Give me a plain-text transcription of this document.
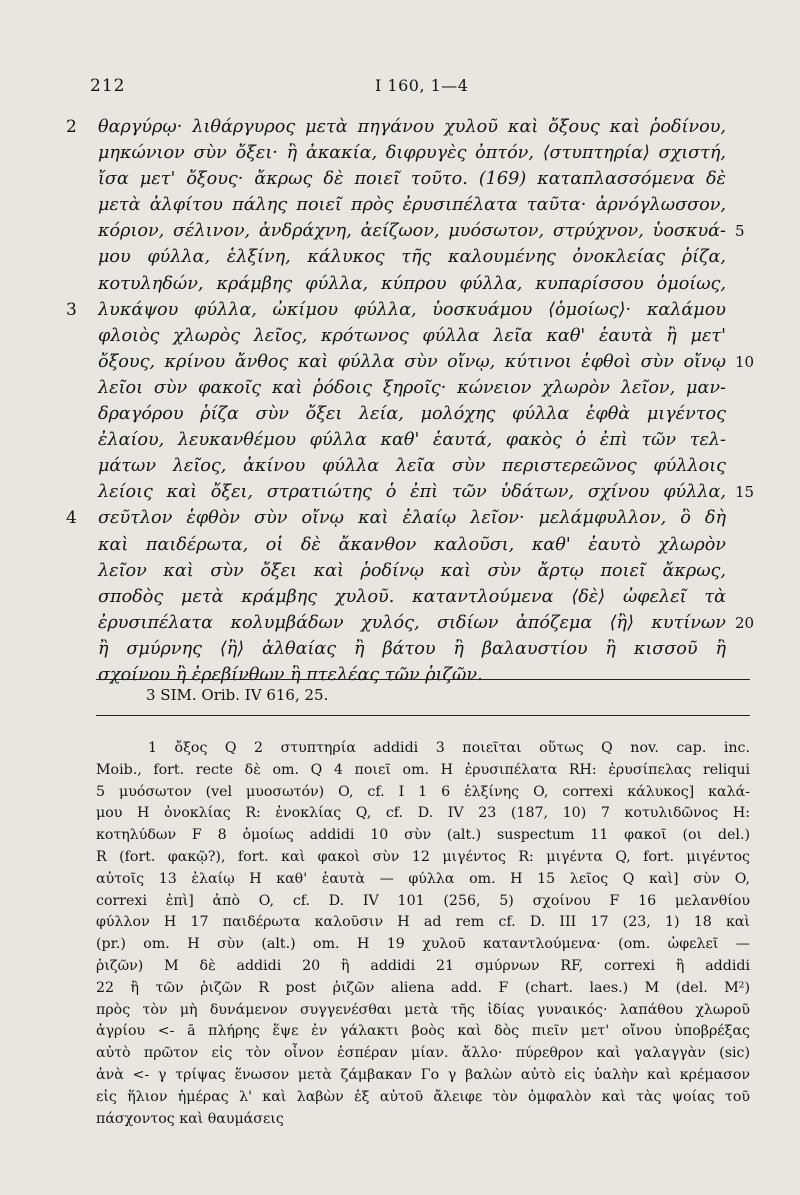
212	I 160, 1—4
2 θαργύρῳ· λιθάργυρος μετὰ πηγάνου χυλοῦ καὶ ὄξους καὶ ῥοδίνου,
μηκώνιον σὺν ὄξει· ἢ ἀκακία, διφρυγὲς ὀπτόν, ⟨στυπτηρία⟩ σχιστή,
ἴσα μετ' ὄξους· ἄκρως δὲ ποιεῖ τοῦτο. (169) καταπλασσόμενα δὲ
μετὰ ἀλφίτου πάλης ποιεῖ πρὸς ἐρυσιπέλατα ταῦτα· ἀρνόγλωσσον,
κόριον, σέλινον, ἀνδράχνη, ἀείζωον, μυόσωτον, στρύχνον, ὑοσκυά- 5
μου φύλλα, ἑλξίνη, κάλυκος τῆς καλουμένης ὀνοκλείας ῥίζα,
κοτυληδών, κράμβης φύλλα, κύπρου φύλλα, κυπαρίσσου ὁμοίως,
3 λυκάψου φύλλα, ὠκίμου φύλλα, ὑοσκυάμου ⟨ὁμοίως⟩· καλάμου
φλοιὸς χλωρὸς λεῖος, κρότωνος φύλλα λεῖα καθ' ἑαυτὰ ἢ μετ'
ὄξους, κρίνου ἄνθος καὶ φύλλα σὺν οἴνῳ, κύτινοι ἑφθοὶ σὺν οἴνῳ 10
λεῖοι σὺν φακοῖς καὶ ῥόδοις ξηροῖς· κώνειον χλωρὸν λεῖον, μαν-
δραγόρου ῥίζα σὺν ὄξει λεία, μολόχης φύλλα ἑφθὰ μιγέντος
ἐλαίου, λευκανθέμου φύλλα καθ' ἑαυτά, φακὸς ὁ ἐπὶ τῶν τελ-
μάτων λεῖος, ἀκίνου φύλλα λεῖα σὺν περιστερεῶνος φύλλοις
λείοις καὶ ὄξει, στρατιώτης ὁ ἐπὶ τῶν ὑδάτων, σχίνου φύλλα, 15
4 σεῦτλον ἑφθὸν σὺν οἴνῳ καὶ ἐλαίῳ λεῖον· μελάμφυλλον, ὃ δὴ
καὶ παιδέρωτα, οἱ δὲ ἄκανθον καλοῦσι, καθ' ἑαυτὸ χλωρὸν
λεῖον καὶ σὺν ὄξει καὶ ῥοδίνῳ καὶ σὺν ἄρτῳ ποιεῖ ἄκρως,
σποδὸς μετὰ κράμβης χυλοῦ. καταντλούμενα ⟨δὲ⟩ ὠφελεῖ τὰ
ἐρυσιπέλατα κολυμβάδων χυλός, σιδίων ἀπόζεμα ⟨ἢ⟩ κυτίνων 20
ἢ σμύρνης ⟨ἢ⟩ ἀλθαίας ἢ βάτου ἢ βαλαυστίου ἢ κισσοῦ ἢ
σχοίνου ἢ ἐρεβίνθων ἢ πτελέας τῶν ῥιζῶν.
3 SIM. Orib. IV 616, 25.
1 ὄξος Q 2 στυπτηρία addidi 3 ποιεῖται οὕτως Q nov. cap. inc.
Moib., fort. recte δὲ om. Q 4 ποιεῖ om. H ἐρυσιπέλατα RH: ἐρυσίπελας reliqui
5 μυόσωτον (vel μυοσωτόν) O, cf. I 1 6 ἑλξίνης O, correxi κάλυκος] καλά-
μου H ὀνοκλίας R: ἐνοκλίας Q, cf. D. IV 23 (187, 10) 7 κοτυλιδῶνος H:
κοτηλύδων F 8 ὁμοίως addidi 10 σὺν (alt.) suspectum 11 φακοῖ (οι del.)
R (fort. φακῷ?), fort. καὶ φακοὶ σὺν 12 μιγέντος R: μιγέντα Q, fort. μιγέντος
αὐτοῖς 13 ἐλαίῳ H καθ' ἑαυτὰ — φύλλα om. H 15 λεῖος Q καὶ] σὺν O,
correxi ἐπὶ] ἀπὸ O, cf. D. IV 101 (256, 5) σχοίνου F 16 μελανθίου
φύλλον H 17 παιδέρωτα καλοῦσιν H ad rem cf. D. III 17 (23, 1) 18 καὶ
(pr.) om. H σὺν (alt.) om. H 19 χυλοῦ καταντλούμενα· (om. ὠφελεῖ —
ῥιζῶν) M δὲ addidi 20 ἢ addidi 21 σμύρνων RF, correxi ἢ addidi
22 ἢ τῶν ῥιζῶν R post ῥιζῶν aliena add. F (chart. laes.) M (del. M²)
πρὸς τὸν μὴ δυνάμενον συγγενέσθαι μετὰ τῆς ἰδίας γυναικός· λαπάθου χλωροῦ
ἀγρίου <- ā πλήρης ἕψε ἐν γάλακτι βοὸς καὶ δὸς πιεῖν μετ' οἴνου ὑποβρέξας
αὐτὸ πρῶτον εἰς τὸν οἶνον ἑσπέραν μίαν. ἄλλο· πύρεθρον καὶ γαλαγγὰν (sic)
ἀνὰ <- γ τρίψας ἕνωσον μετὰ ζάμβακαν Γο γ βαλὼν αὐτὸ εἰς ὑαλὴν καὶ κρέμασον
εἰς ἥλιον ἡμέρας λ' καὶ λαβὼν ἐξ αὐτοῦ ἄλειφε τὸν ὀμφαλὸν καὶ τὰς ψοίας τοῦ
πάσχοντος καὶ θαυμάσεις
